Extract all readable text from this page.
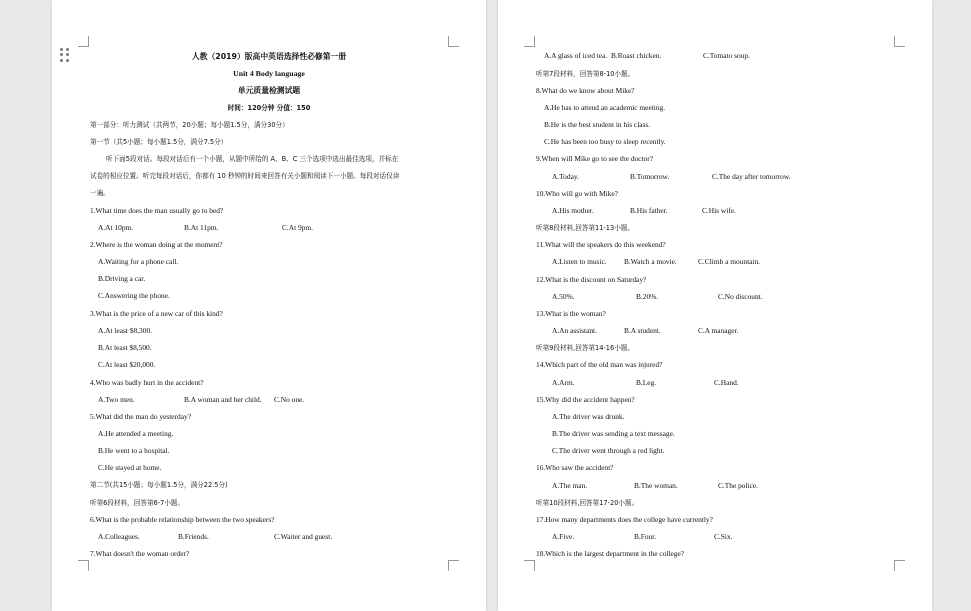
人教（2019）版高中英语选择性必修第一册
Unit 4 Body language
单元质量检测试题
时间：120分钟 分值：150
第一部分：听力测试（共两节，20小题；每小题1.5分，满分30分）
第一节（共5小题；每小题1.5分，满分7.5分）
听下面5段对话。每段对话后有一个小题，从题中所给的 A、B、C 三个选项中选出最佳选项，并标在
试卷的相应位置。听完每段对话后，你都有 10 秒钟的时间来回答有关小题和阅读下一小题。每段对话仅读
一遍。
1.What time does the man usually go to bed?
A.At 10pm.	B.At 11pm.	C.At 9pm.
2.Where is the woman doing at the moment?
A.Waiting for a phone call.
B.Driving a car.
C.Answering the phone.
3.What is the price of a new car of this kind?
A.At least $8,300.
B.At least $8,500.
C.At least $20,000.
4.Who was badly hurt in the accident?
A.Two men.	B.A woman and her child. C.No one.
5.What did the man do yesterday?
A.He attended a meeting.
B.He went to a hospital.
C.He stayed at home.
第二节(共15小题；每小题1.5分，满分22.5分)
听第6段材料，回答第6-7小题。
6.What is the probable relationship between the two speakers?
A.Colleagues.	B.Friends.	C.Waiter and guest.
7.What doesn't the woman order?
A.A glass of iced tea. B.Roast chicken.	C.Tomato soup.
听第7段材料，回答第8-10小题。
8.What do we know about Mike?
A.He has to attend an academic meeting.
B.He is the best student in his class.
C.He has been too busy to sleep recently.
9.When will Mike go to see the doctor?
A.Today.	B.Tomorrow.	C.The day after tomorrow.
10.Who will go with Mike?
A.His mother.	B.His father.	C.His wife.
听第8段材料,回答第11-13小题。
11.What will the speakers do this weekend?
A.Listen to music. B.Watch a movie.	C.Climb a mountain.
12.What is the discount on Saturday?
A.50%.	B.20%.	C.No discount.
13.What is the woman?
A.An assistant.	B.A student.	C.A manager.
听第9段材料,回答第14-16小题。
14.Which part of the old man was injured?
A.Arm.	B.Leg.	C.Hand.
15.Why did the accident happen?
A.The driver was drunk.
B.The driver was sending a text message.
C.The driver went through a red light.
16.Who saw the accident?
A.The man.	B.The woman.	C.The police.
听第10段材料,回答第17-20小题。
17.How many departments does the college have currently?
A.Five.	B.Four.	C.Six.
18.Which is the largest department in the college?
